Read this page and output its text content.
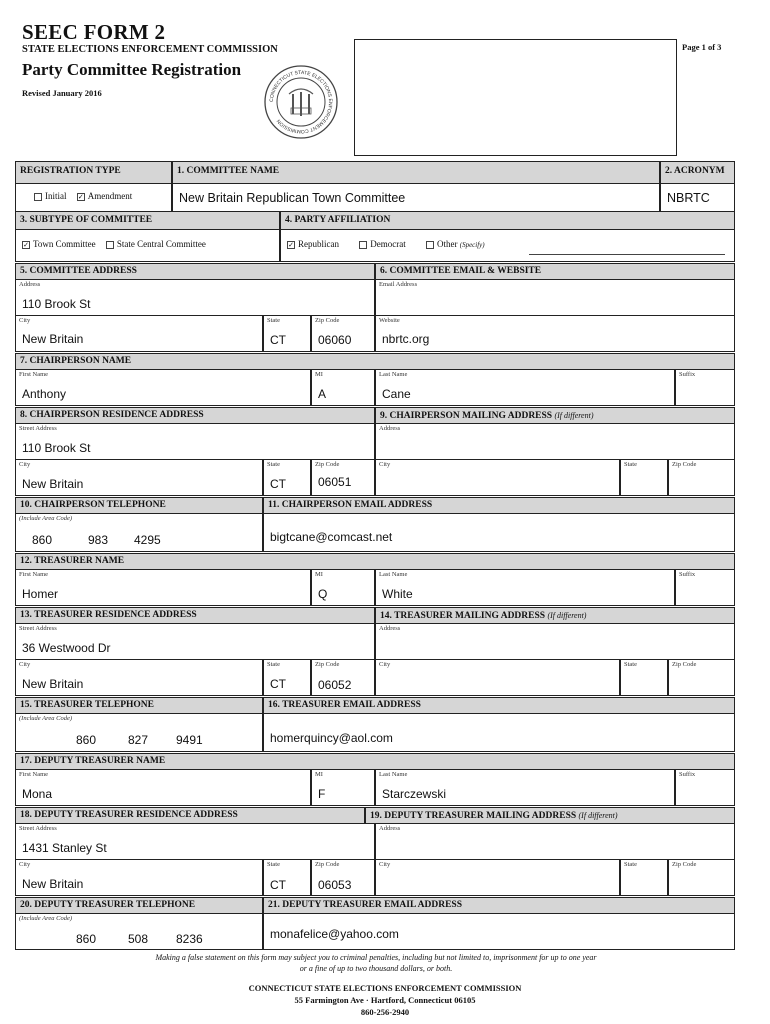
SEEC FORM 2
STATE ELECTIONS ENFORCEMENT COMMISSION
Party Committee Registration
Revised January 2016
CONNECTICUT STATE ELECTIONS ENFORCEMENT COMMISSION
Page 1 of 3
REGISTRATION TYPE	1. COMMITTEE NAME	2. ACRONYM
Initial ✓ Amendment	New Britain Republican Town Committee	NBRTC
3. SUBTYPE OF COMMITTEE	4. PARTY AFFILIATION
✓ Town Committee State Central Committee	✓ Republican	Democrat	Other (Specify)
5. COMMITTEE ADDRESS	6. COMMITTEE EMAIL & WEBSITE
Address
110 Brook St
Email Address
City
New Britain
State
CT
Zip Code
06060
Website
nbrtc.org
7. CHAIRPERSON NAME
First Name
Anthony
MI
A
Last Name
Cane
Suffix
8. CHAIRPERSON RESIDENCE ADDRESS	9. CHAIRPERSON MAILING ADDRESS (If different)
Street Address
110 Brook St
Address
City
New Britain
State
CT
Zip Code
06051
City	State	Zip Code
10. CHAIRPERSON TELEPHONE	11. CHAIRPERSON EMAIL ADDRESS
(Include Area Code)
860	983 4295	bigtcane@comcast.net
12. TREASURER NAME
First Name
Homer
MI
Q
Last Name
White
Suffix
13. TREASURER RESIDENCE ADDRESS	14. TREASURER MAILING ADDRESS (If different)
Street Address
36 Westwood Dr
Address
City
New Britain
State
CT
Zip Code
06052
City	State	Zip Code
15. TREASURER TELEPHONE	16. TREASURER EMAIL ADDRESS
(Include Area Code)
860	827 9491	homerquincy@aol.com
17. DEPUTY TREASURER NAME
First Name
Mona
MI
F
Last Name
Starczewski
Suffix
18. DEPUTY TREASURER RESIDENCE ADDRESS	19. DEPUTY TREASURER MAILING ADDRESS (If different)
Street Address
1431 Stanley St
Address
City
New Britain
State
CT
Zip Code
06053
City	State	Zip Code
20. DEPUTY TREASURER TELEPHONE	21. DEPUTY TREASURER EMAIL ADDRESS
(Include Area Code)
860	508 8236	monafelice@yahoo.com
Making a false statement on this form may subject you to criminal penalties, including but not limited to, imprisonment for up to one year
or a fine of up to two thousand dollars, or both.
CONNECTICUT STATE ELECTIONS ENFORCEMENT COMMISSION
55 Farmington Ave · Hartford, Connecticut 06105
860-256-2940
